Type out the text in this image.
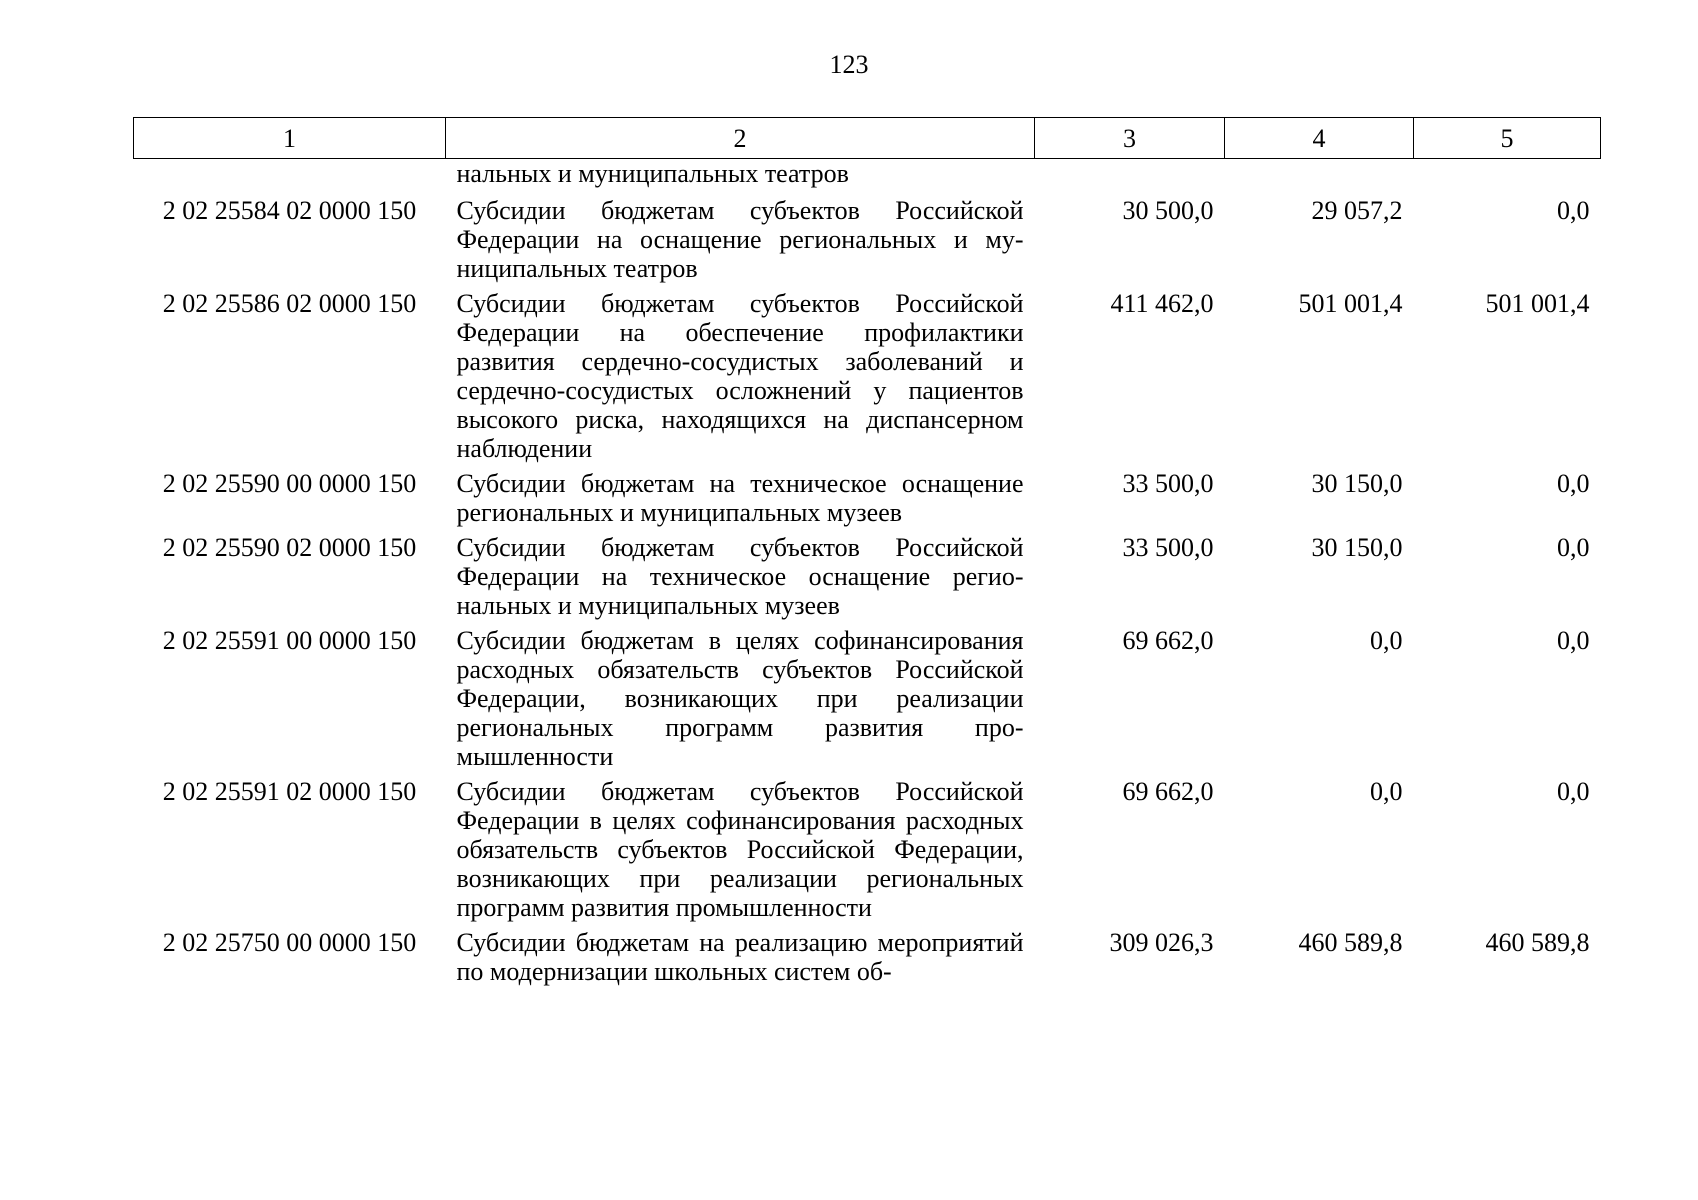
123
1	2	3	4	5
	нальных и муниципальных театров			
2 02 25584 02 0000 150	Субсидии бюджетам субъектов Российской Федерации на оснащение региональных и муниципальных театров	30 500,0	29 057,2	0,0
2 02 25586 02 0000 150	Субсидии бюджетам субъектов Российской Федерации на обеспечение профилактики развития сердечно-сосудистых заболеваний и сердечно-сосудистых осложнений у пациентов высокого риска, находящихся на диспансерном наблюдении	411 462,0	501 001,4	501 001,4
2 02 25590 00 0000 150	Субсидии бюджетам на техническое оснащение региональных и муниципальных музеев	33 500,0	30 150,0	0,0
2 02 25590 02 0000 150	Субсидии бюджетам субъектов Российской Федерации на техническое оснащение региональных и муниципальных музеев	33 500,0	30 150,0	0,0
2 02 25591 00 0000 150	Субсидии бюджетам в целях софинансирования расходных обязательств субъектов Российской Федерации, возникающих при реализации региональных программ развития промышленности	69 662,0	0,0	0,0
2 02 25591 02 0000 150	Субсидии бюджетам субъектов Российской Федерации в целях софинансирования расходных обязательств субъектов Российской Федерации, возникающих при реализации региональных программ развития промышленности	69 662,0	0,0	0,0
2 02 25750 00 0000 150	Субсидии бюджетам на реализацию мероприятий по модернизации школьных систем об-	309 026,3	460 589,8	460 589,8
